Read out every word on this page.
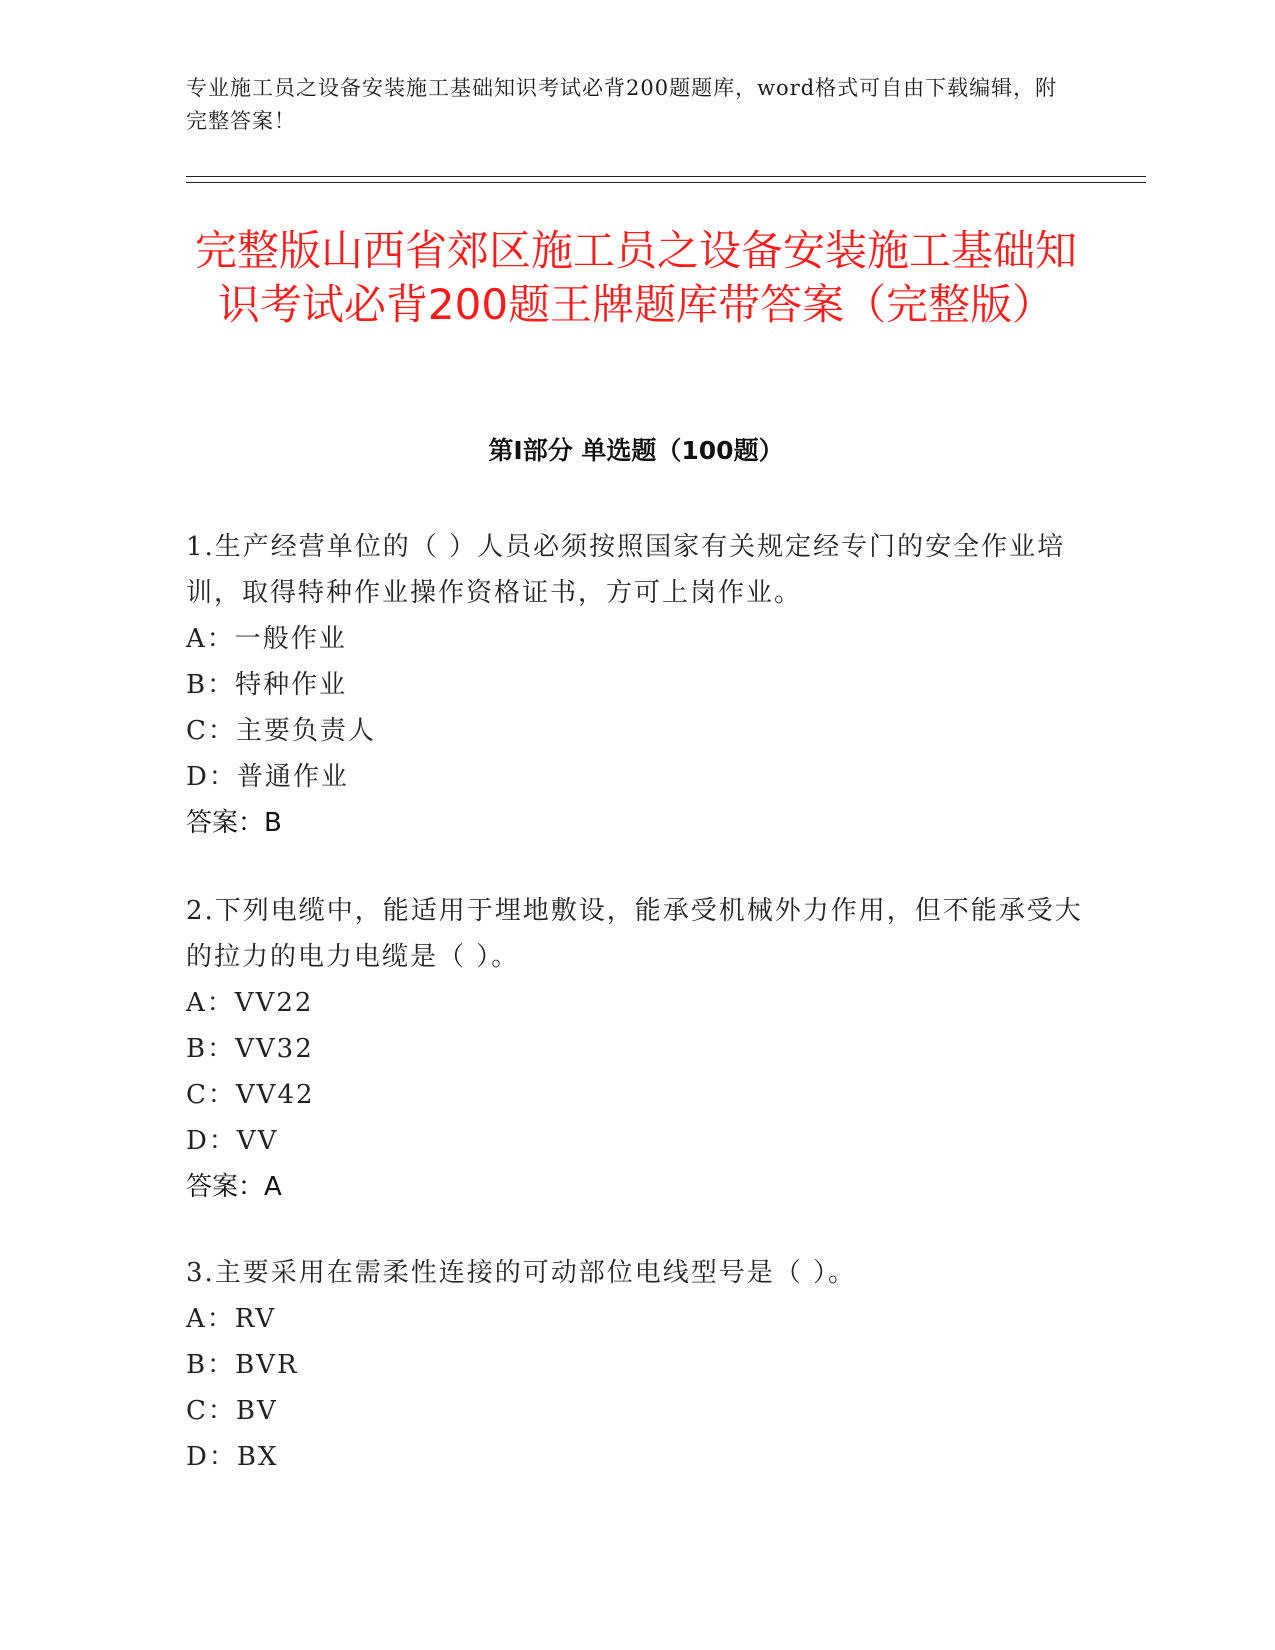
专业施工员之设备安装施工基础知识考试必背200题题库，word格式可自由下载编辑，附完整答案！
完整版山西省郊区施工员之设备安装施工基础知识考试必背200题王牌题库带答案（完整版）
第Ⅰ部分 单选题（100题）

1.生产经营单位的（ ）人员必须按照国家有关规定经专门的安全作业培训，取得特种作业操作资格证书，方可上岗作业。

A：一般作业

B：特种作业

C：主要负责人

D：普通作业

答案：B

2.下列电缆中，能适用于埋地敷设，能承受机械外力作用，但不能承受大的拉力的电力电缆是（ ）。

A：VV22

B：VV32

C：VV42

D：VV

答案：A

3.主要采用在需柔性连接的可动部位电线型号是（ ）。

A：RV

B：BVR

C：BV

D：BX
